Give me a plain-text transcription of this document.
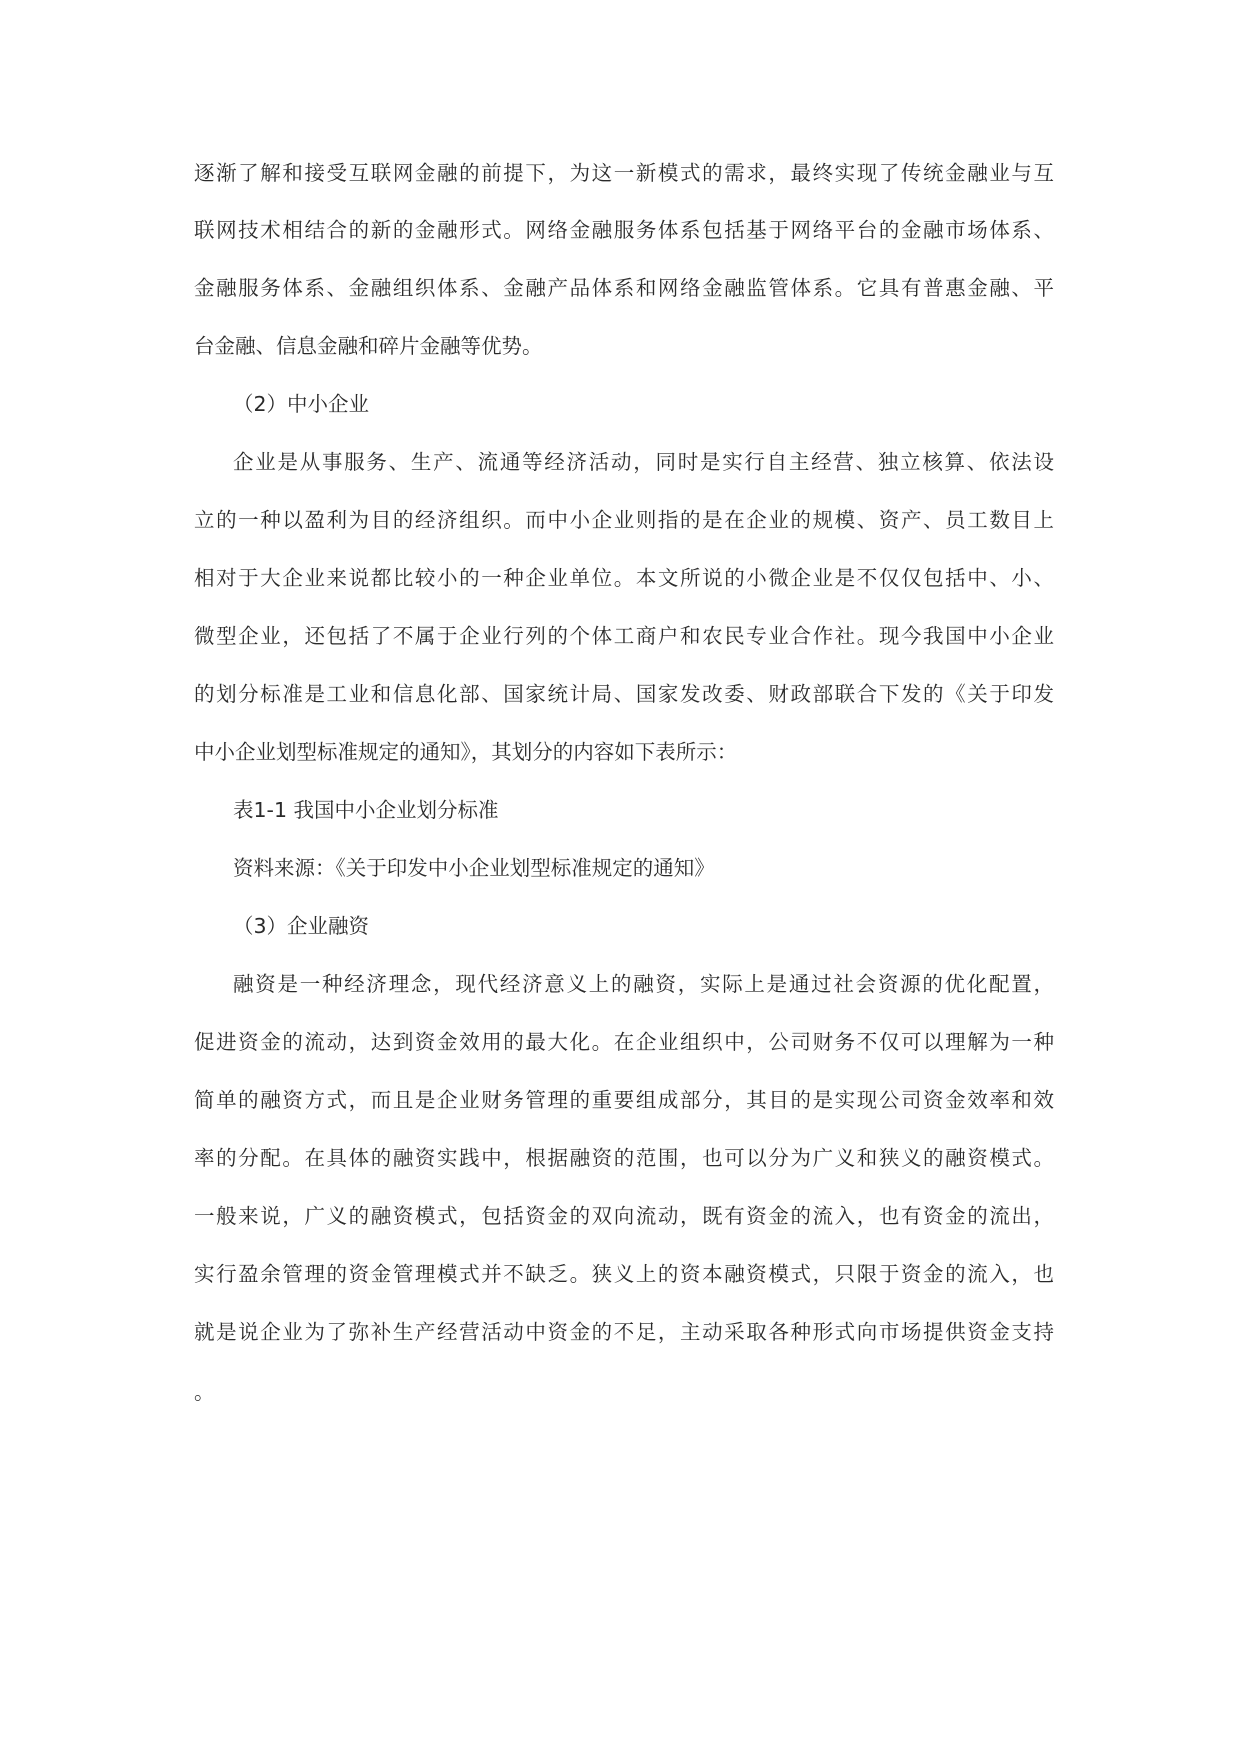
逐渐了解和接受互联网金融的前提下，为这一新模式的需求，最终实现了传统金融业与互

联网技术相结合的新的金融形式。网络金融服务体系包括基于网络平台的金融市场体系、

金融服务体系、金融组织体系、金融产品体系和网络金融监管体系。它具有普惠金融、平

台金融、信息金融和碎片金融等优势。

（2）中小企业

企业是从事服务、生产、流通等经济活动，同时是实行自主经营、独立核算、依法设

立的一种以盈利为目的经济组织。而中小企业则指的是在企业的规模、资产、员工数目上

相对于大企业来说都比较小的一种企业单位。本文所说的小微企业是不仅仅包括中、小、

微型企业，还包括了不属于企业行列的个体工商户和农民专业合作社。现今我国中小企业

的划分标准是工业和信息化部、国家统计局、国家发改委、财政部联合下发的《关于印发

中小企业划型标准规定的通知》，其划分的内容如下表所示：

表1-1 我国中小企业划分标准

资料来源：《关于印发中小企业划型标准规定的通知》

（3）企业融资

融资是一种经济理念，现代经济意义上的融资，实际上是通过社会资源的优化配置，

促进资金的流动，达到资金效用的最大化。在企业组织中，公司财务不仅可以理解为一种

简单的融资方式，而且是企业财务管理的重要组成部分，其目的是实现公司资金效率和效

率的分配。在具体的融资实践中，根据融资的范围，也可以分为广义和狭义的融资模式。

一般来说，广义的融资模式，包括资金的双向流动，既有资金的流入，也有资金的流出，

实行盈余管理的资金管理模式并不缺乏。狭义上的资本融资模式，只限于资金的流入，也

就是说企业为了弥补生产经营活动中资金的不足，主动采取各种形式向市场提供资金支持

。
